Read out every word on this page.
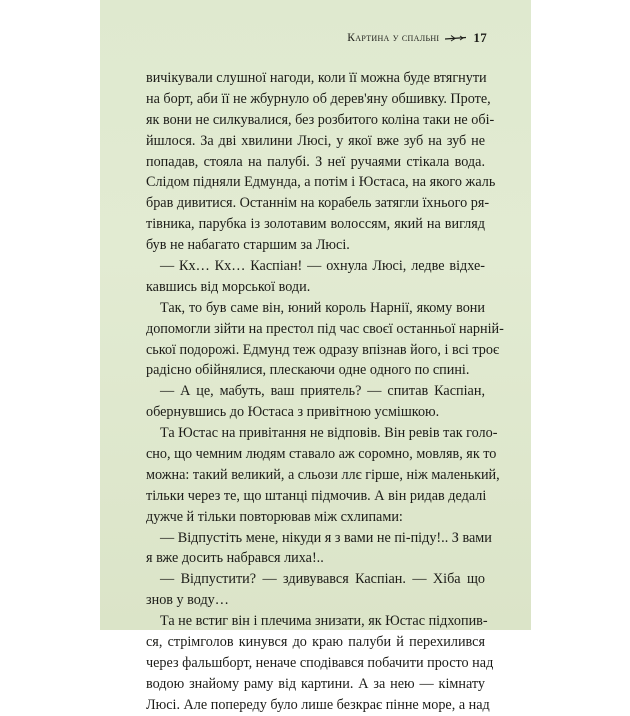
Картина у спальні	17
вичікували слушної нагоди, коли її можна буде втягнути
на борт, аби її не жбурнуло об дерев'яну обшивку. Проте,
як вони не силкувалися, без розбитого коліна таки не обі-
йшлося. За дві хвилини Люсі, у якої вже зуб на зуб не
попадав, стояла на палубі. З неї ручаями стікала вода.
Слідом підняли Едмунда, а потім і Юстаса, на якого жаль
брав дивитися. Останнім на корабель затягли їхнього ря-
тівника, парубка із золотавим волоссям, який на вигляд
був не набагато старшим за Люсі.
— Кх… Кх… Каспіан! — охнула Люсі, ледве відхе-
кавшись від морської води.
Так, то був саме він, юний король Нарнії, якому вони
допомогли зійти на престол під час своєї останньої нарній-
ської подорожі. Едмунд теж одразу впізнав його, і всі троє
радісно обійнялися, плескаючи одне одного по спині.
— А це, мабуть, ваш приятель? — спитав Каспіан,
обернувшись до Юстаса з привітною усмішкою.
Та Юстас на привітання не відповів. Він ревів так голо-
сно, що чемним людям ставало аж соромно, мовляв, як то
можна: такий великий, а сльози ллє гірше, ніж маленький,
тільки через те, що штанці підмочив. А він ридав дедалі
дужче й тільки повторював між схлипами:
— Відпустіть мене, нікуди я з вами не пі-піду!.. З вами
я вже досить набрався лиха!..
— Відпустити? — здивувався Каспіан. — Хіба що
знов у воду…
Та не встиг він і плечима знизати, як Юстас підхопив-
ся, стрімголов кинувся до краю палуби й перехилився
через фальшборт, неначе сподівався побачити просто над
водою знайому раму від картини. А за нею — кімнату
Люсі. Але попереду було лише безкрає пінне море, а над
